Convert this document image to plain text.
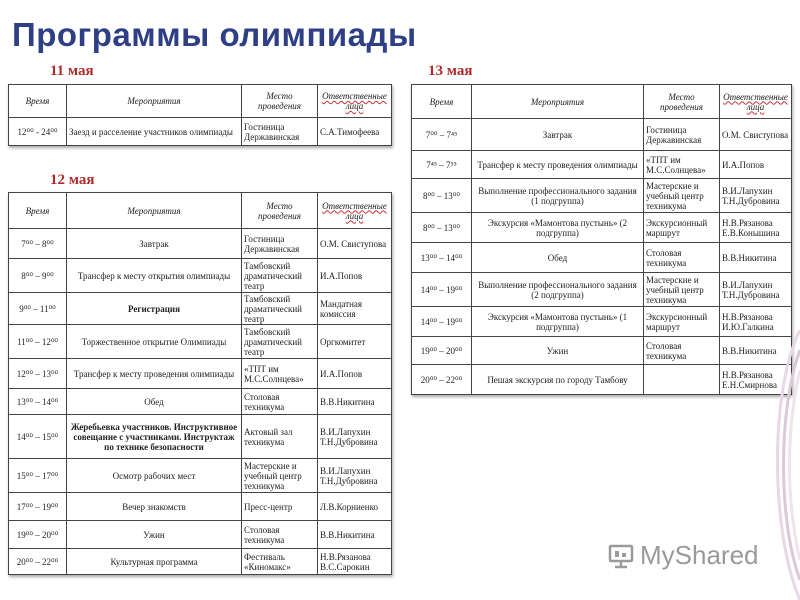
Программы олимпиады
11 мая
Время	Мероприятия	Место проведения	Ответственные лица
12⁰⁰ - 24⁰⁰	Заезд и расселение участников олимпиады	Гостиница Державинская	С.А.Тимофеева
12 мая
Время	Мероприятия	Место проведения	Ответственные лица
7⁰⁰ – 8⁰⁰	Завтрак	Гостиница Державинская	О.М. Свиступова
8⁰⁰ – 9⁰⁰	Трансфер к месту открытия олимпиады	Тамбовский драматический театр	И.А.Попов
9⁰⁰ – 11⁰⁰	Регистрация	Тамбовский драматический театр	Мандатная комиссия
11⁰⁰ – 12⁰⁰	Торжественное открытие Олимпиады	Тамбовский драматический театр	Оргкомитет
12⁰⁰ – 13⁰⁰	Трансфер к месту проведения олимпиады	«ТПТ им М.С.Солнцева»	И.А.Попов
13⁰⁰ – 14⁰⁰	Обед	Столовая техникума	В.В.Никитина
14⁰⁰ – 15⁰⁰	Жеребьевка участников. Инструктивное совещание с участниками. Инструктаж по технике безопасности	Актовый зал техникума	В.И.Лапухин Т.Н.Дубровина
15⁰⁰ – 17⁰⁰	Осмотр рабочих мест	Мастерские и учебный центр техникума	В.И.Лапухин Т.Н.Дубровина
17⁰⁰ – 19⁰⁰	Вечер знакомств	Пресс-центр	Л.В.Корниенко
19⁰⁰ – 20⁰⁰	Ужин	Столовая техникума	В.В.Никитина
20⁰⁰ – 22⁰⁰	Культурная программа	Фестиваль «Киномакс»	Н.В.Рязанова В.С.Сарокин
13 мая
Время	Мероприятия	Место проведения	Ответственные лица
7⁰⁰ – 7⁴⁵	Завтрак	Гостиница Державинская	О.М. Свиступова
7⁴⁵ – 7⁵⁵	Трансфер к месту проведения олимпиады	«ТПТ им М.С.Солнцева»	И.А.Попов
8⁰⁰ – 13⁰⁰	Выполнение профессионального задания (1 подгруппа)	Мастерские и учебный центр техникума	В.И.Лапухин Т.Н.Дубровина
8⁰⁰ – 13⁰⁰	Экскурсия «Мамонтова пустынь» (2 подгруппа)	Экскурсионный маршрут	Н.В.Рязанова Е.В.Конышина
13⁰⁰ – 14⁰⁰	Обед	Столовая техникума	В.В.Никитина
14⁰⁰ – 19⁰⁰	Выполнение профессионального задания (2 подгруппа)	Мастерские и учебный центр техникума	В.И.Лапухин Т.Н.Дубровина
14⁰⁰ – 19⁰⁰	Экскурсия «Мамонтова пустынь» (1 подгруппа)	Экскурсионный маршрут	Н.В.Рязанова И.Ю.Галкина
19⁰⁰ – 20⁰⁰	Ужин	Столовая техникума	В.В.Никитина
20⁰⁰ – 22⁰⁰	Пешая экскурсия по городу Тамбову		Н.В.Рязанова Е.Н.Смирнова
MyShared
